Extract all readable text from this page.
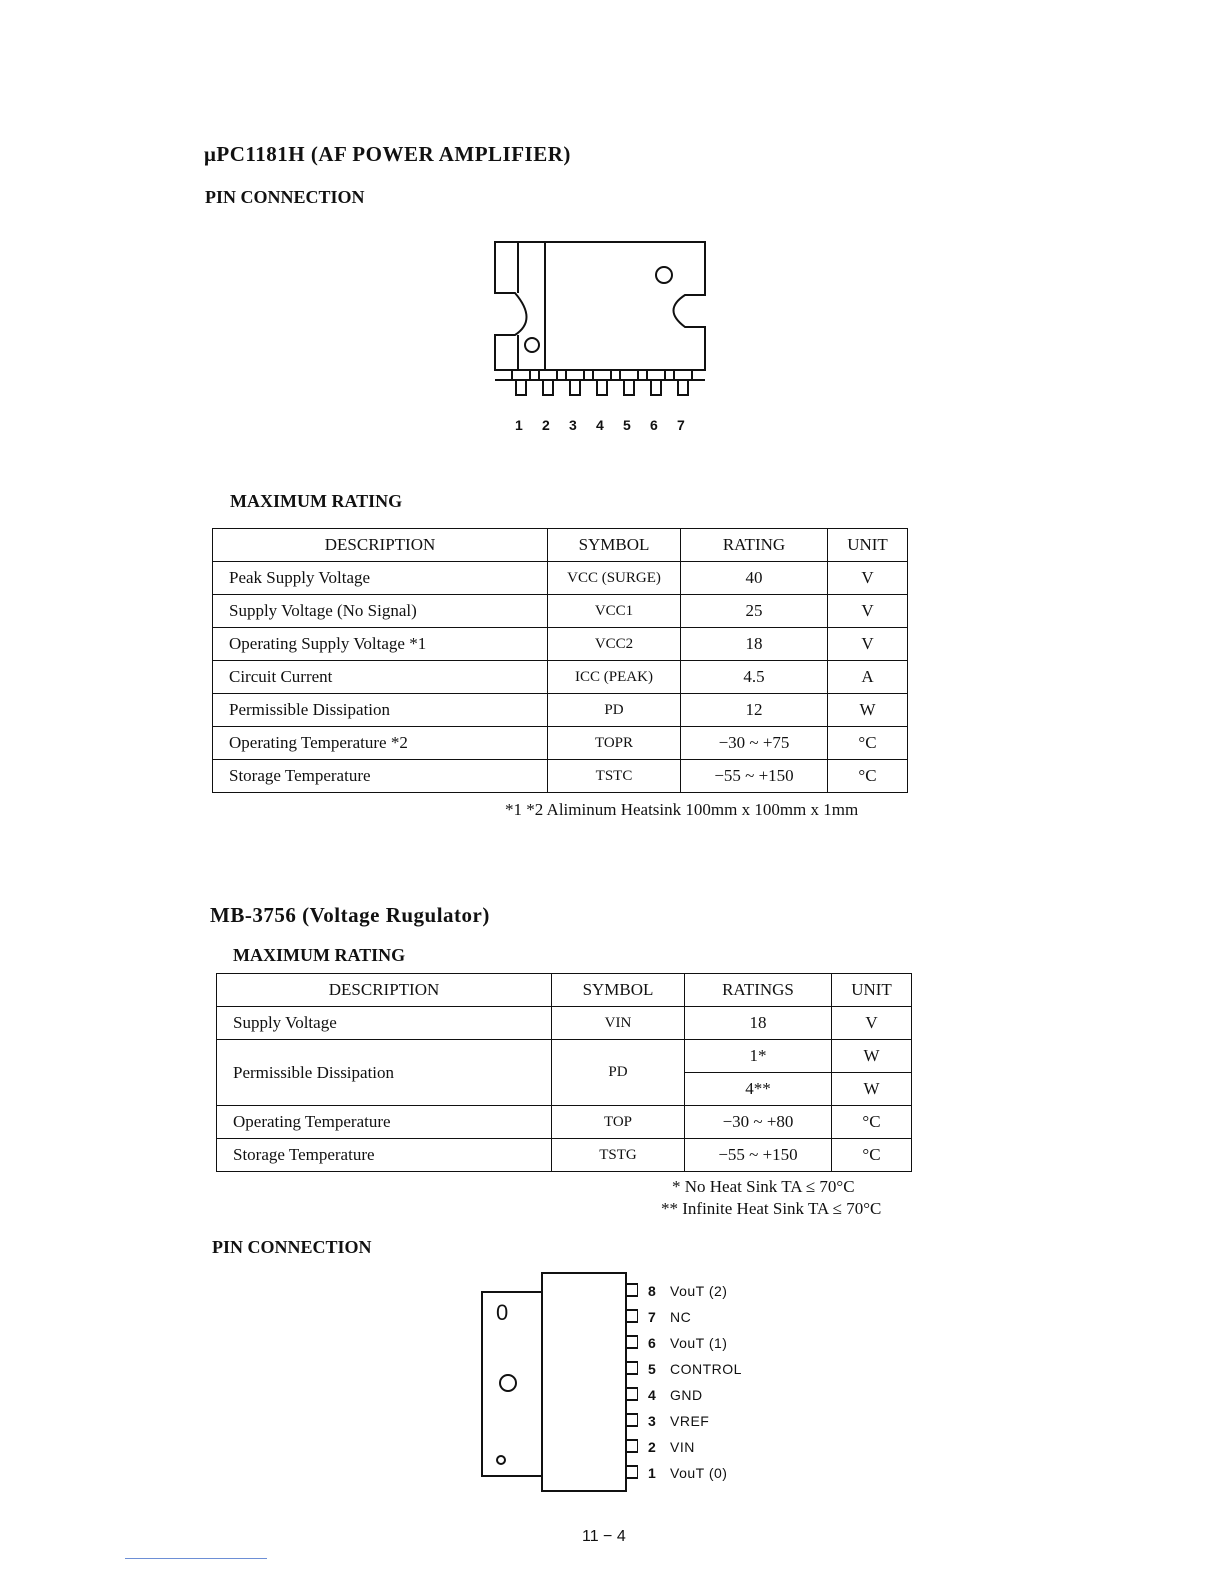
μPC1181H (AF POWER AMPLIFIER)
PIN CONNECTION
1 2 3 4 5 6 7
MAXIMUM RATING
DESCRIPTION	SYMBOL	RATING	UNIT
Peak Supply Voltage	VCC (SURGE)	40	V
Supply Voltage (No Signal)	VCC1	25	V
Operating Supply Voltage *1	VCC2	18	V
Circuit Current	ICC (PEAK)	4.5	A
Permissible Dissipation	PD	12	W
Operating Temperature *2	TOPR	−30 ~ +75	°C
Storage Temperature	TSTC	−55 ~ +150	°C
*1 *2 Aliminum Heatsink 100mm x 100mm x 1mm
MB-3756 (Voltage Rugulator)
MAXIMUM RATING
DESCRIPTION	SYMBOL	RATINGS	UNIT
Supply Voltage	VIN	18	V
Permissible Dissipation	PD	1*	W
		4**	W
Operating Temperature	TOP	−30 ~ +80	°C
Storage Temperature	TSTG	−55 ~ +150	°C
* No Heat Sink TA ≤ 70°C
** Infinite Heat Sink TA ≤ 70°C
PIN CONNECTION
0
8 VouT (2)
7 NC
6 VouT (1)
5 CONTROL
4 GND
3 VREF
2 VIN
1 VouT (0)
11 − 4
